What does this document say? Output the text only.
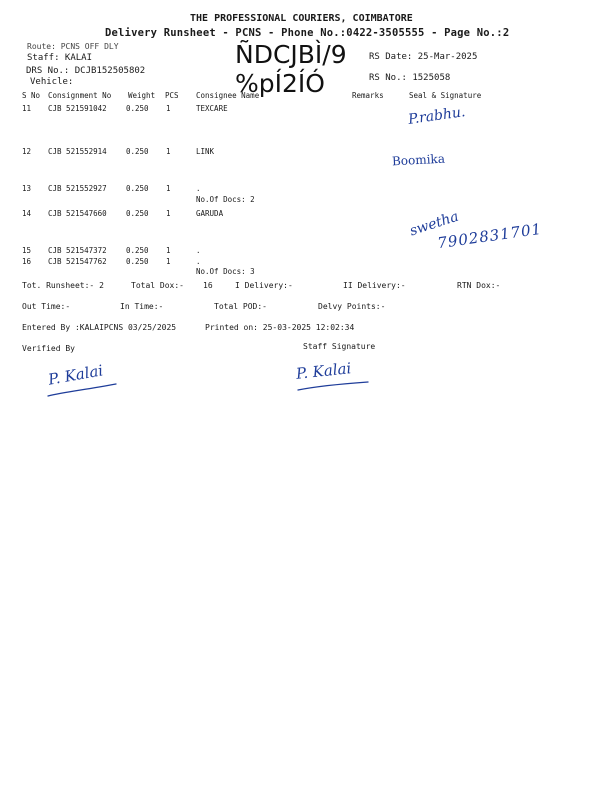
THE PROFESSIONAL COURIERS, COIMBATORE
Delivery Runsheet - PCNS - Phone No.:0422-3505555 - Page No.:2
ÑDCJBÌ/9
%pÍ2ÍÓ
Route: PCNS OFF DLY
Staff: KALAI
DRS No.: DCJB152505802
Vehicle:
RS Date: 25-Mar-2025
RS No.: 1525058
S No Consignment No Weight PCS Consignee Name	Remarks	Seal & Signature
11 CJB 521591042	0.250 1	TEXCARE
12 CJB 521552914	0.250 1	LINK
13 CJB 521552927	0.250 1	.
No.Of Docs: 2
14 CJB 521547660	0.250 1	GARUDA
15 CJB 521547372	0.250 1	.
16 CJB 521547762	0.250 1	.
No.Of Docs: 3
Tot. Runsheet:- 2	Total Dox:- 16	I Delivery:-	II Delivery:-	RTN Dox:-
Out Time:-	In Time:-	Total POD:-	Delvy Points:-
Entered By :KALAIPCNS 03/25/2025	Printed on: 25-03-2025 12:02:34
Verified By	Staff Signature
P.rabhu.
Boomika
swetha
7902831701
P. Kalai	P. Kalai
